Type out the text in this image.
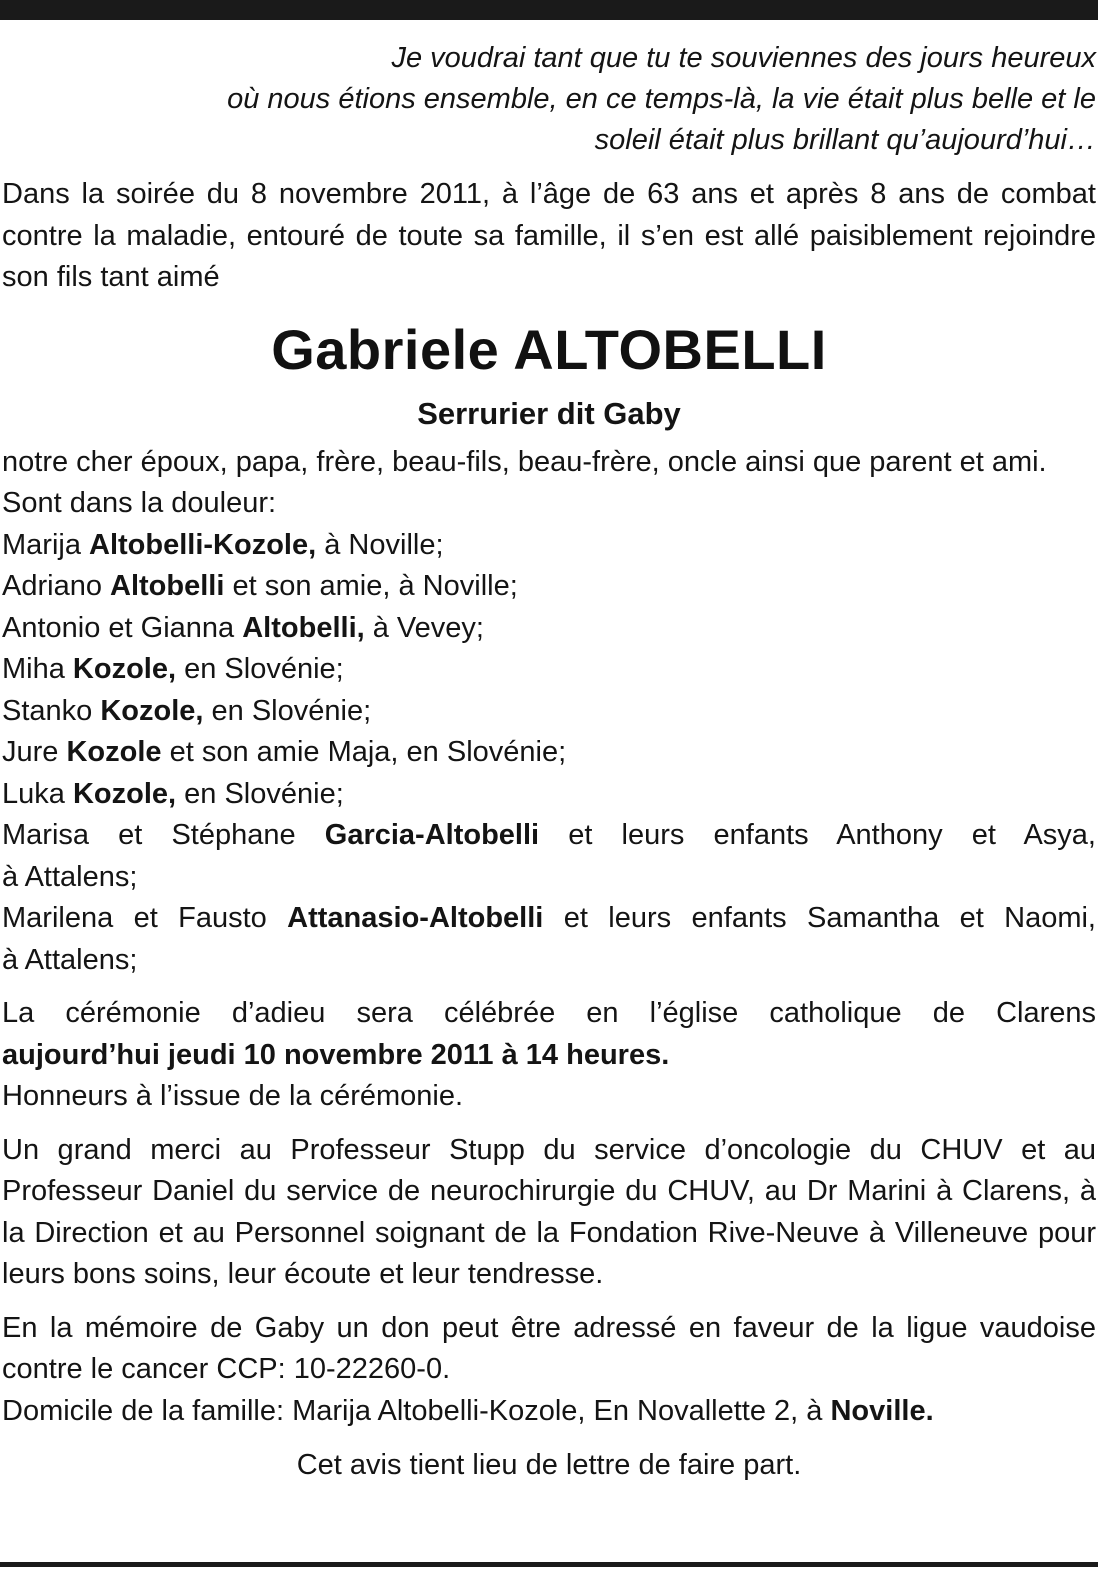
Je voudrai tant que tu te souviennes des jours heureux
où nous étions ensemble, en ce temps-là, la vie était plus belle et le
soleil était plus brillant qu’aujourd’hui…

Dans la soirée du 8 novembre 2011, à l’âge de 63 ans et après 8 ans de combat contre la maladie, entouré de toute sa famille, il s’en est allé paisiblement rejoindre son fils tant aimé

Gabriele ALTOBELLI
Serrurier dit Gaby

notre cher époux, papa, frère, beau-fils, beau-frère, oncle ainsi que parent et ami.

Sont dans la douleur:
Marija Altobelli-Kozole, à Noville;
Adriano Altobelli et son amie, à Noville;
Antonio et Gianna Altobelli, à Vevey;
Miha Kozole, en Slovénie;
Stanko Kozole, en Slovénie;
Jure Kozole et son amie Maja, en Slovénie;
Luka Kozole, en Slovénie;
Marisa et Stéphane Garcia-Altobelli et leurs enfants Anthony et Asya,
à Attalens;
Marilena et Fausto Attanasio-Altobelli et leurs enfants Samantha et Naomi,
à Attalens;
La cérémonie d’adieu sera célébrée en l’église catholique de Clarens
aujourd’hui jeudi 10 novembre 2011 à 14 heures.
Honneurs à l’issue de la cérémonie.

Un grand merci au Professeur Stupp du service d’oncologie du CHUV et au Professeur Daniel du service de neurochirurgie du CHUV, au Dr Marini à Clarens, à la Direction et au Personnel soignant de la Fondation Rive-Neuve à Villeneuve pour leurs bons soins, leur écoute et leur tendresse.

En la mémoire de Gaby un don peut être adressé en faveur de la ligue vaudoise contre le cancer CCP: 10-22260-0.

Domicile de la famille: Marija Altobelli-Kozole, En Novallette 2, à Noville.
Cet avis tient lieu de lettre de faire part.
